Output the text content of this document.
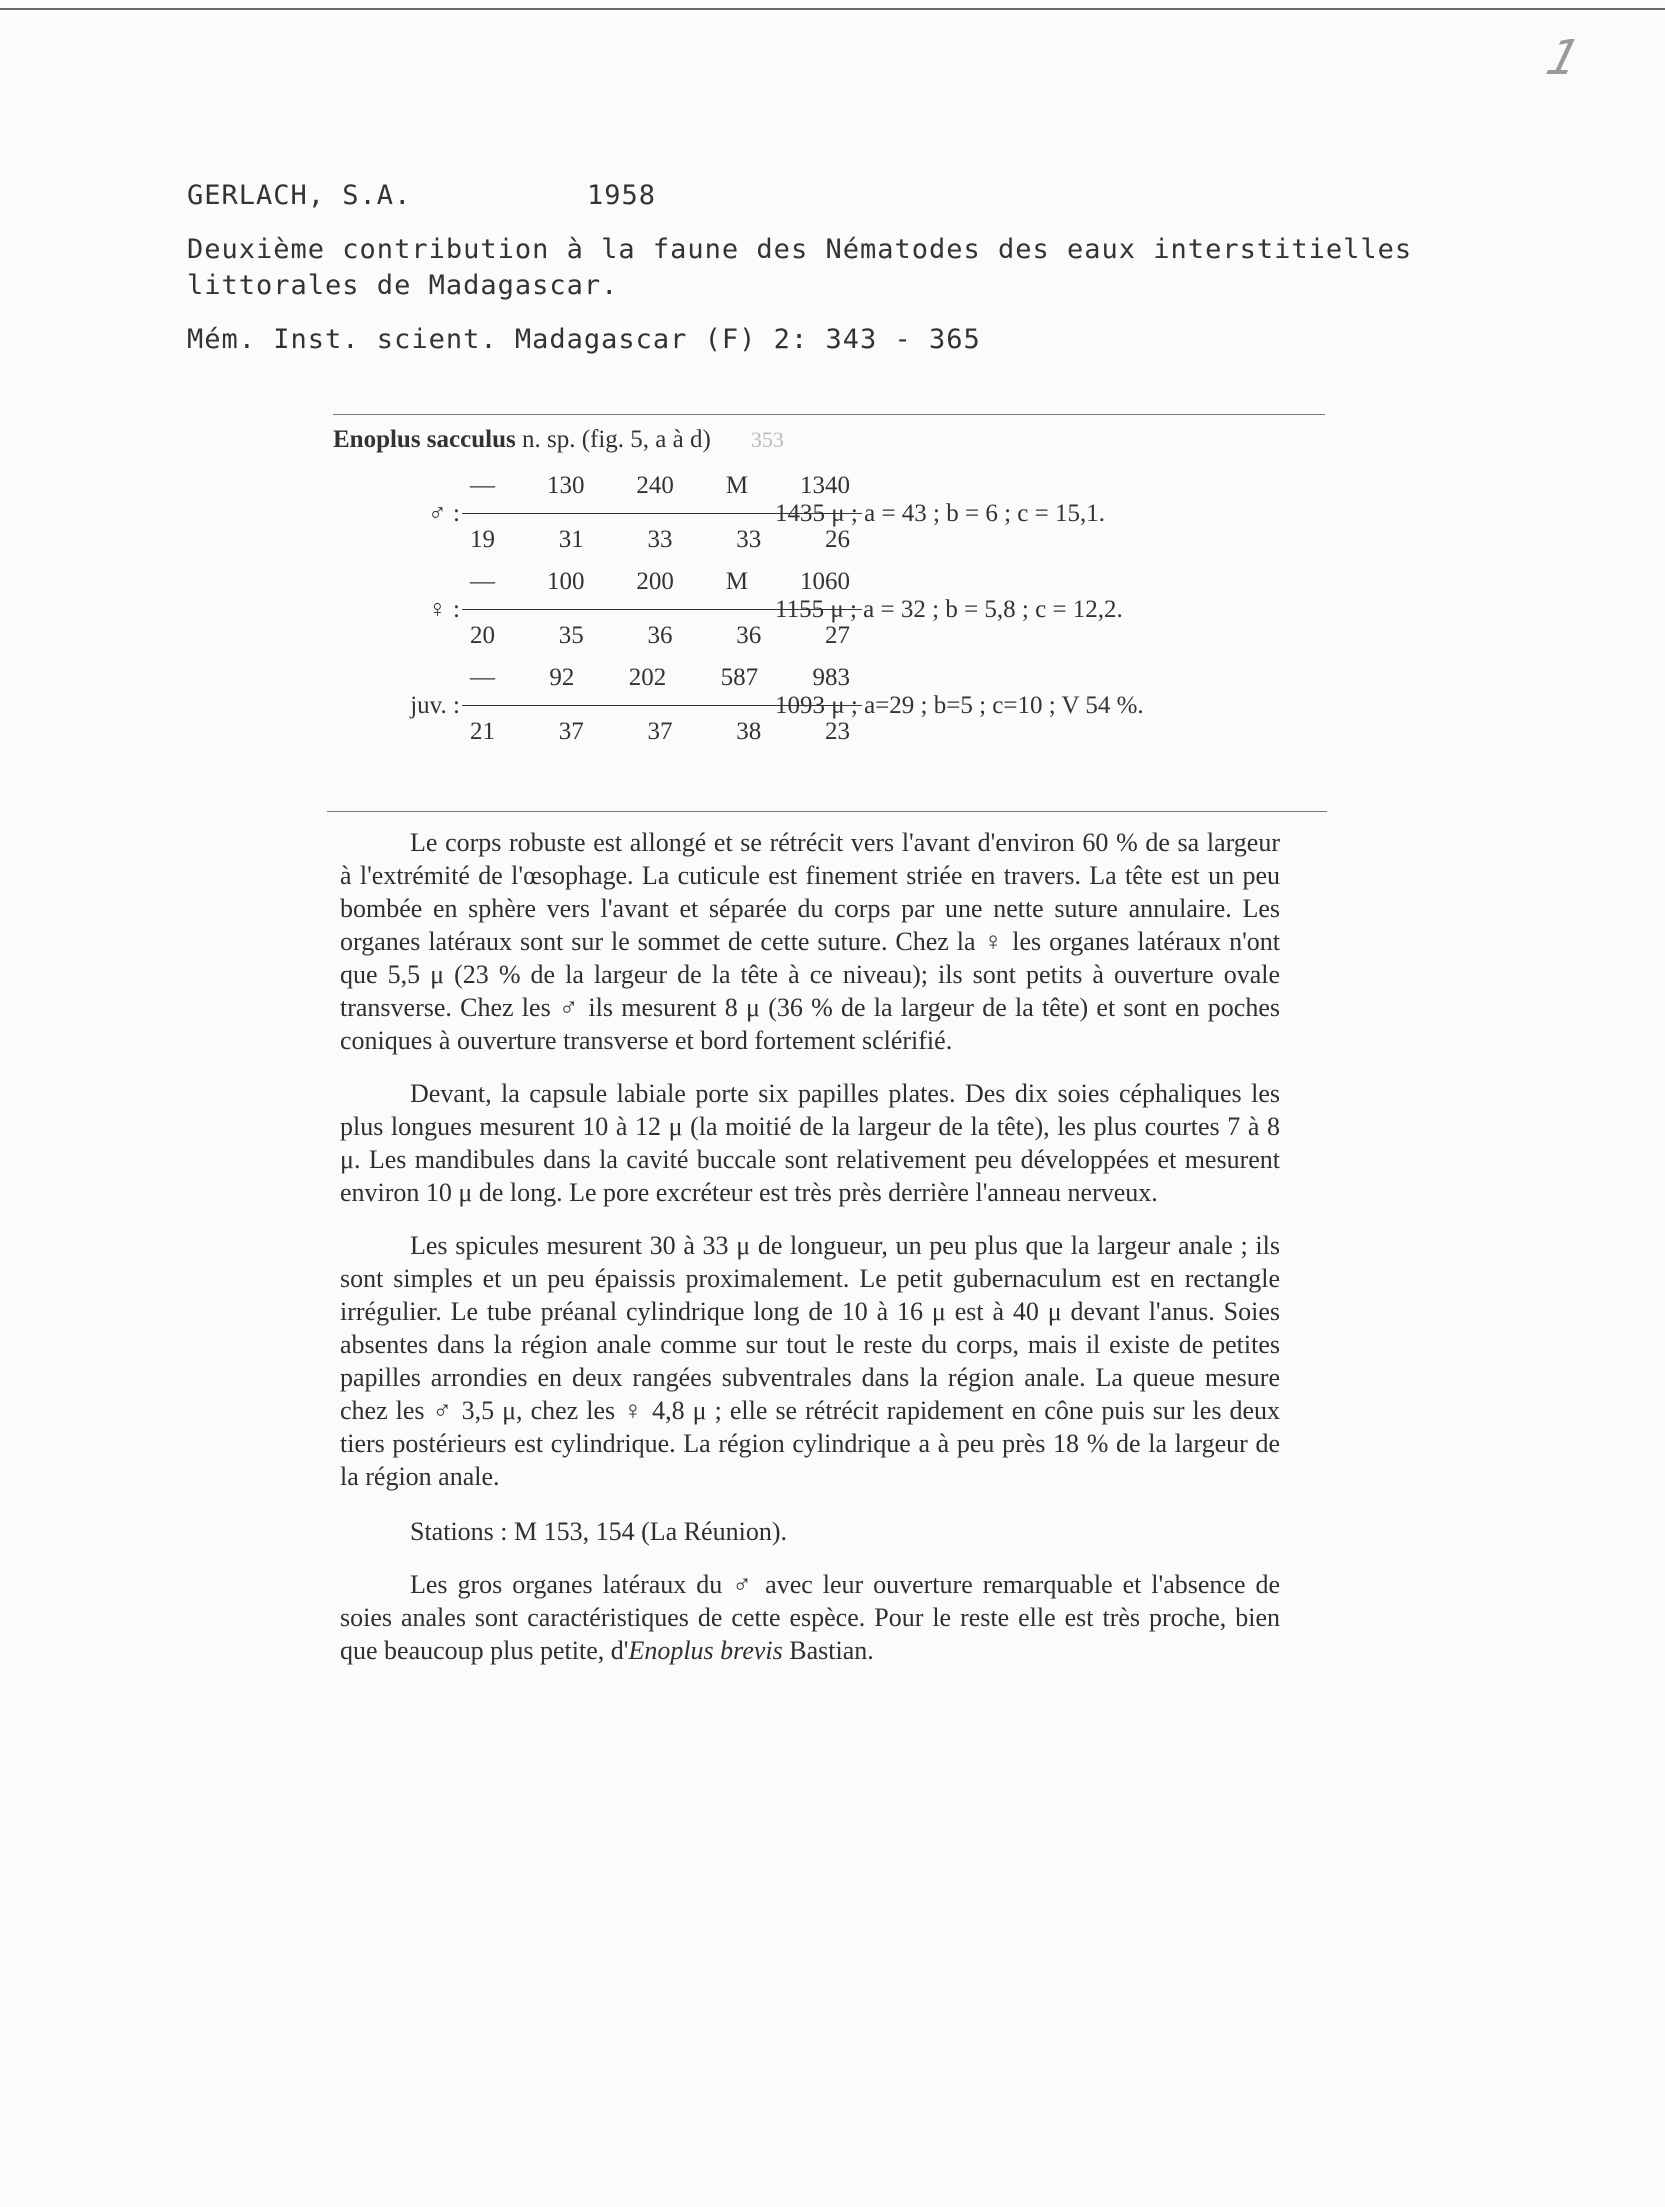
1
GERLACH, S.A.	1958
Deuxième contribution à la faune des Nématodes des eaux interstitielles
littorales de Madagascar.
Mém. Inst. scient. Madagascar (F) 2: 343 - 365
Enoplus sacculus n. sp. (fig. 5, a à d) 353
♂ :
— 130 240 M 1340
19	31	33	33	26
1435 μ ; a = 43 ; b = 6 ; c = 15,1.
♀ :
— 100 200 M 1060
20	35	36	36	27
1155 μ ; a = 32 ; b = 5,8 ; c = 12,2.
juv. :
— 92 202 587 983
21	37	37	38	23
1093 μ ; a=29 ; b=5 ; c=10 ; V 54 %.

Le corps robuste est allongé et se rétrécit vers l'avant d'environ 60 % de sa largeur à l'extrémité de l'œsophage. La cuticule est finement striée en travers. La tête est un peu bombée en sphère vers l'avant et séparée du corps par une nette suture annulaire. Les organes latéraux sont sur le sommet de cette suture. Chez la ♀ les organes latéraux n'ont que 5,5 μ (23 % de la largeur de la tête à ce niveau); ils sont petits à ouverture ovale transverse. Chez les ♂ ils mesurent 8 μ (36 % de la largeur de la tête) et sont en poches coniques à ouverture transverse et bord fortement sclérifié.

Devant, la capsule labiale porte six papilles plates. Des dix soies céphaliques les plus longues mesurent 10 à 12 μ (la moitié de la largeur de la tête), les plus courtes 7 à 8 μ. Les mandibules dans la cavité buccale sont relativement peu développées et mesurent environ 10 μ de long. Le pore excréteur est très près derrière l'anneau nerveux.

Les spicules mesurent 30 à 33 μ de longueur, un peu plus que la largeur anale ; ils sont simples et un peu épaissis proximalement. Le petit gubernaculum est en rectangle irrégulier. Le tube préanal cylindrique long de 10 à 16 μ est à 40 μ devant l'anus. Soies absentes dans la région anale comme sur tout le reste du corps, mais il existe de petites papilles arrondies en deux rangées subventrales dans la région anale. La queue mesure chez les ♂ 3,5 μ, chez les ♀ 4,8 μ ; elle se rétrécit rapidement en cône puis sur les deux tiers postérieurs est cylindrique. La région cylindrique a à peu près 18 % de la largeur de la région anale.

Stations : M 153, 154 (La Réunion).

Les gros organes latéraux du ♂ avec leur ouverture remarquable et l'absence de soies anales sont caractéristiques de cette espèce. Pour le reste elle est très proche, bien que beaucoup plus petite, d'Enoplus brevis Bastian.
